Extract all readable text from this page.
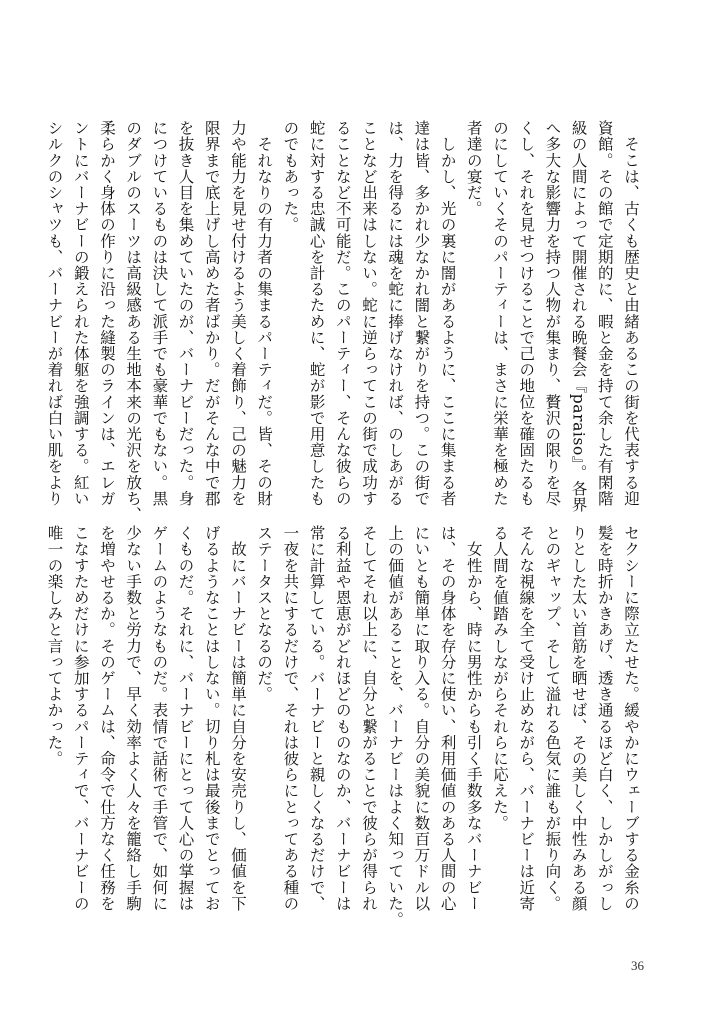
　そこは、古くも歴史と由緒あるこの街を代表する迎
資館。その館で定期的に、暇と金を持て余した有閑階
級の人間によって開催される晩餐会『paraiso』。各界
へ多大な影響力を持つ人物が集まり、贅沢の限りを尽
くし、それを見せつけることで己の地位を確固たるも
のにしていくそのパーティーは、まさに栄華を極めた
者達の宴だ。
　しかし、光の裏に闇があるように、ここに集まる者
達は皆、多かれ少なかれ闇と繋がりを持つ。この街で
は、力を得るには魂を蛇に捧げなければ、のしあがる
ことなど出来はしない。蛇に逆らってこの街で成功す
ることなど不可能だ。このパーティー、そんな彼らの
蛇に対する忠誠心を計るために、蛇が影で用意したも
のでもあった。
　それなりの有力者の集まるパーティだ。皆、その財
力や能力を見せ付けるよう美しく着飾り、己の魅力を
限界まで底上げし高めた者ばかり。だがそんな中で郡
を抜き人目を集めていたのが、バーナビーだった。身
につけているものは決して派手でも豪華でもない。黒
のダブルのスーツは高級感ある生地本来の光沢を放ち、
柔らかく身体の作りに沿った縫製のラインは、エレガ
ントにバーナビーの鍛えられた体躯を強調する。紅い
シルクのシャツも、バーナビーが着れば白い肌をより
セクシーに際立たせた。緩やかにウェーブする金糸の
髪を時折かきあげ、透き通るほど白く、しかしがっし
りとした太い首筋を晒せば、その美しく中性みある顔
とのギャップ、そして溢れる色気に誰もが振り向く。
そんな視線を全て受け止めながら、バーナビーは近寄
る人間を値踏みしながらそれらに応えた。
　女性から、時に男性からも引く手数多なバーナビー
は、その身体を存分に使い、利用価値のある人間の心
にいとも簡単に取り入る。自分の美貌に数百万ドル以
上の価値があることを、バーナビーはよく知っていた。
そしてそれ以上に、自分と繋がることで彼らが得られ
る利益や恩恵がどれほどのものなのか、バーナビーは
常に計算している。バーナビーと親しくなるだけで、
一夜を共にするだけで、それは彼らにとってある種の
ステータスとなるのだ。
　故にバーナビーは簡単に自分を安売りし、価値を下
げるようなことはしない。切り札は最後までとってお
くものだ。それに、バーナビーにとって人心の掌握は
ゲームのようなものだ。表情で話術で手管で、如何に
少ない手数と労力で、早く効率よく人々を籠絡し手駒
を増やせるか。そのゲームは、命令で仕方なく任務を
こなすためだけに参加するパーティで、バーナビーの
唯一の楽しみと言ってよかった。
36
